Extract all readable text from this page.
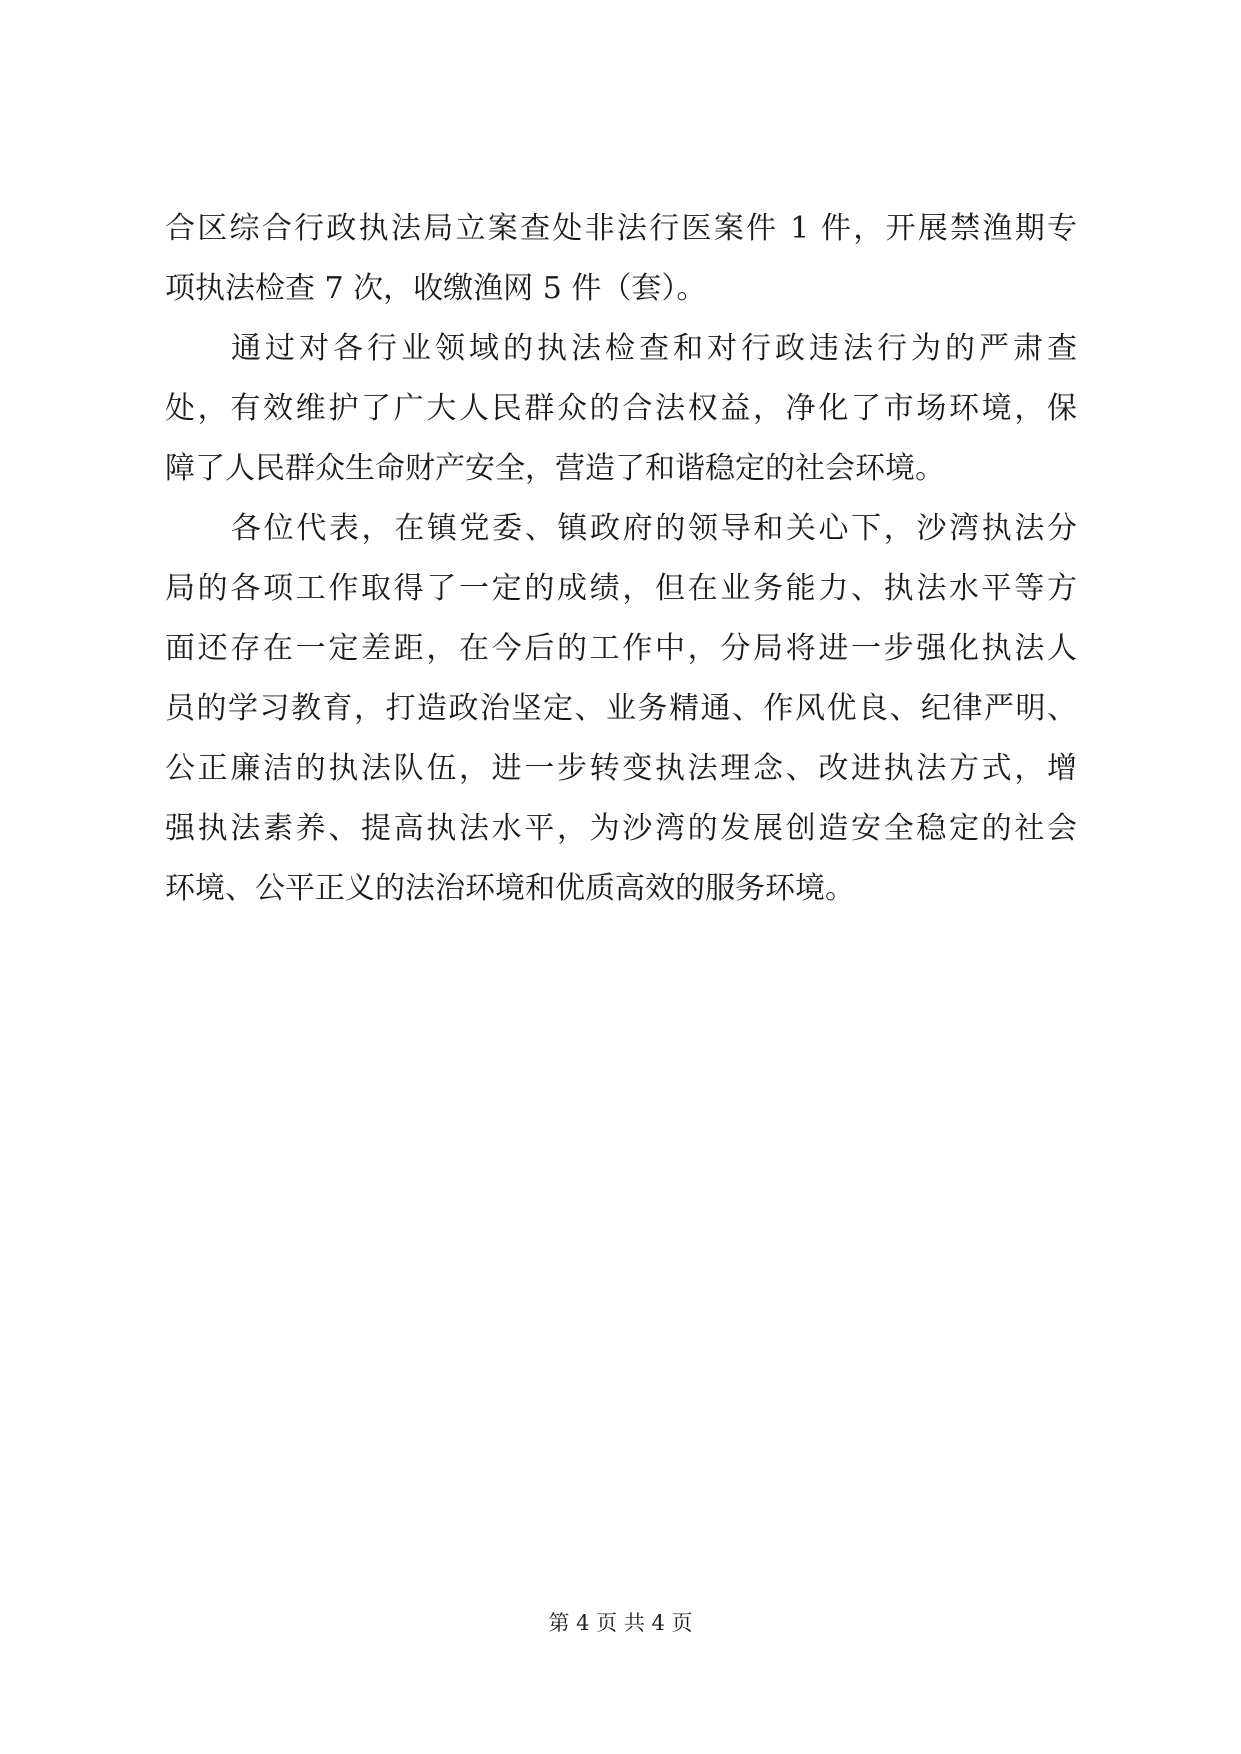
合区综合行政执法局立案查处非法行医案件 1 件，开展禁渔期专
项执法检查 7 次，收缴渔网 5 件（套）。
通过对各行业领域的执法检查和对行政违法行为的严肃查
处，有效维护了广大人民群众的合法权益，净化了市场环境，保
障了人民群众生命财产安全，营造了和谐稳定的社会环境。
各位代表，在镇党委、镇政府的领导和关心下，沙湾执法分
局的各项工作取得了一定的成绩，但在业务能力、执法水平等方
面还存在一定差距，在今后的工作中，分局将进一步强化执法人
员的学习教育，打造政治坚定、业务精通、作风优良、纪律严明、
公正廉洁的执法队伍，进一步转变执法理念、改进执法方式，增
强执法素养、提高执法水平，为沙湾的发展创造安全稳定的社会
环境、公平正义的法治环境和优质高效的服务环境。
第 4 页 共 4 页
